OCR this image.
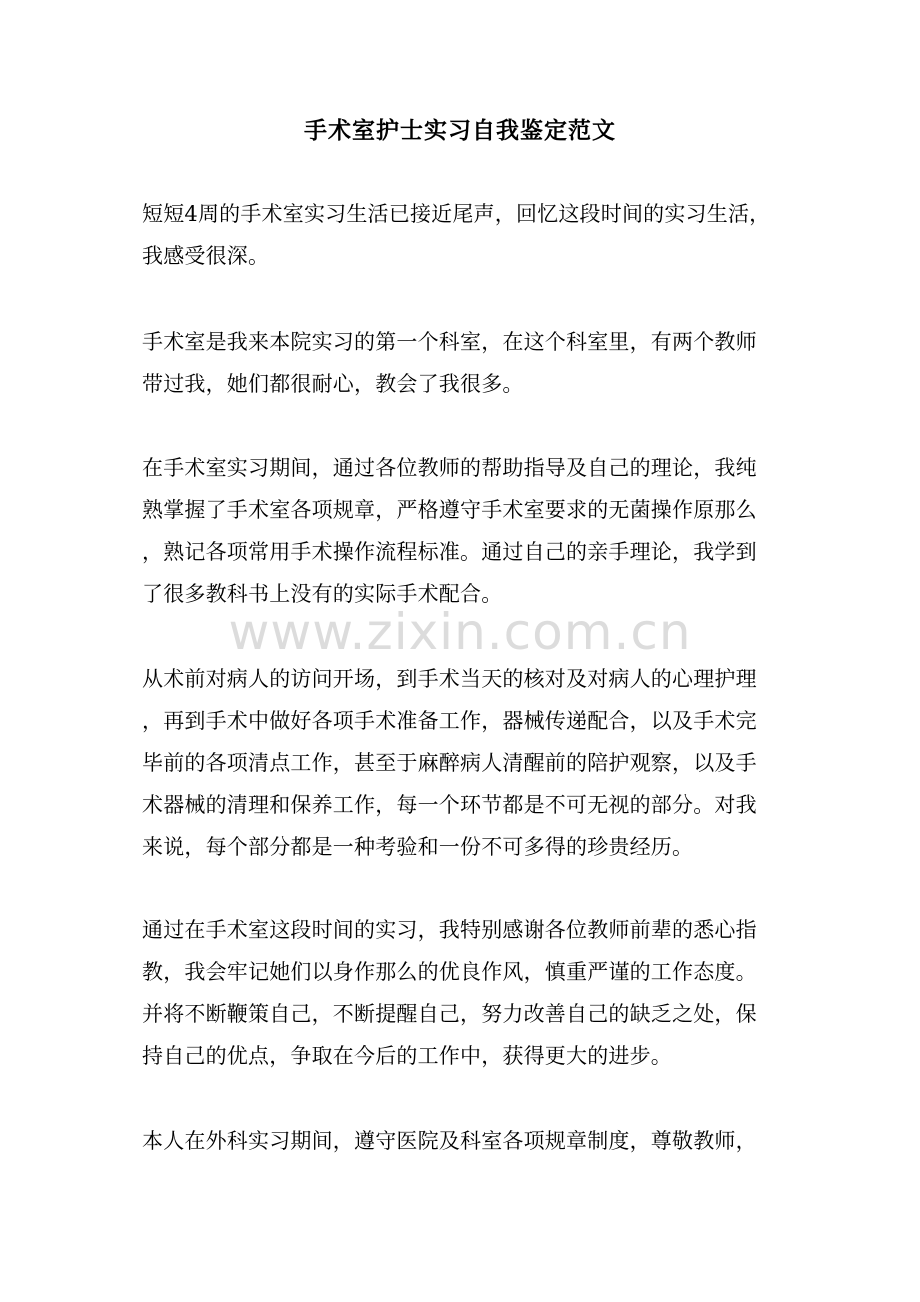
手术室护士实习自我鉴定范文
www.zixin.com.cn
短短4周的手术室实习生活已接近尾声，回忆这段时间的实习生活，
我感受很深。
手术室是我来本院实习的第一个科室，在这个科室里，有两个教师
带过我，她们都很耐心，教会了我很多。
在手术室实习期间，通过各位教师的帮助指导及自己的理论，我纯
熟掌握了手术室各项规章，严格遵守手术室要求的无菌操作原那么
，熟记各项常用手术操作流程标准。通过自己的亲手理论，我学到
了很多教科书上没有的实际手术配合。
从术前对病人的访问开场，到手术当天的核对及对病人的心理护理
，再到手术中做好各项手术准备工作，器械传递配合，以及手术完
毕前的各项清点工作，甚至于麻醉病人清醒前的陪护观察，以及手
术器械的清理和保养工作，每一个环节都是不可无视的部分。对我
来说，每个部分都是一种考验和一份不可多得的珍贵经历。
通过在手术室这段时间的实习，我特别感谢各位教师前辈的悉心指
教，我会牢记她们以身作那么的优良作风，慎重严谨的工作态度。
并将不断鞭策自己，不断提醒自己，努力改善自己的缺乏之处，保
持自己的优点，争取在今后的工作中，获得更大的进步。
本人在外科实习期间，遵守医院及科室各项规章制度，尊敬教师，
